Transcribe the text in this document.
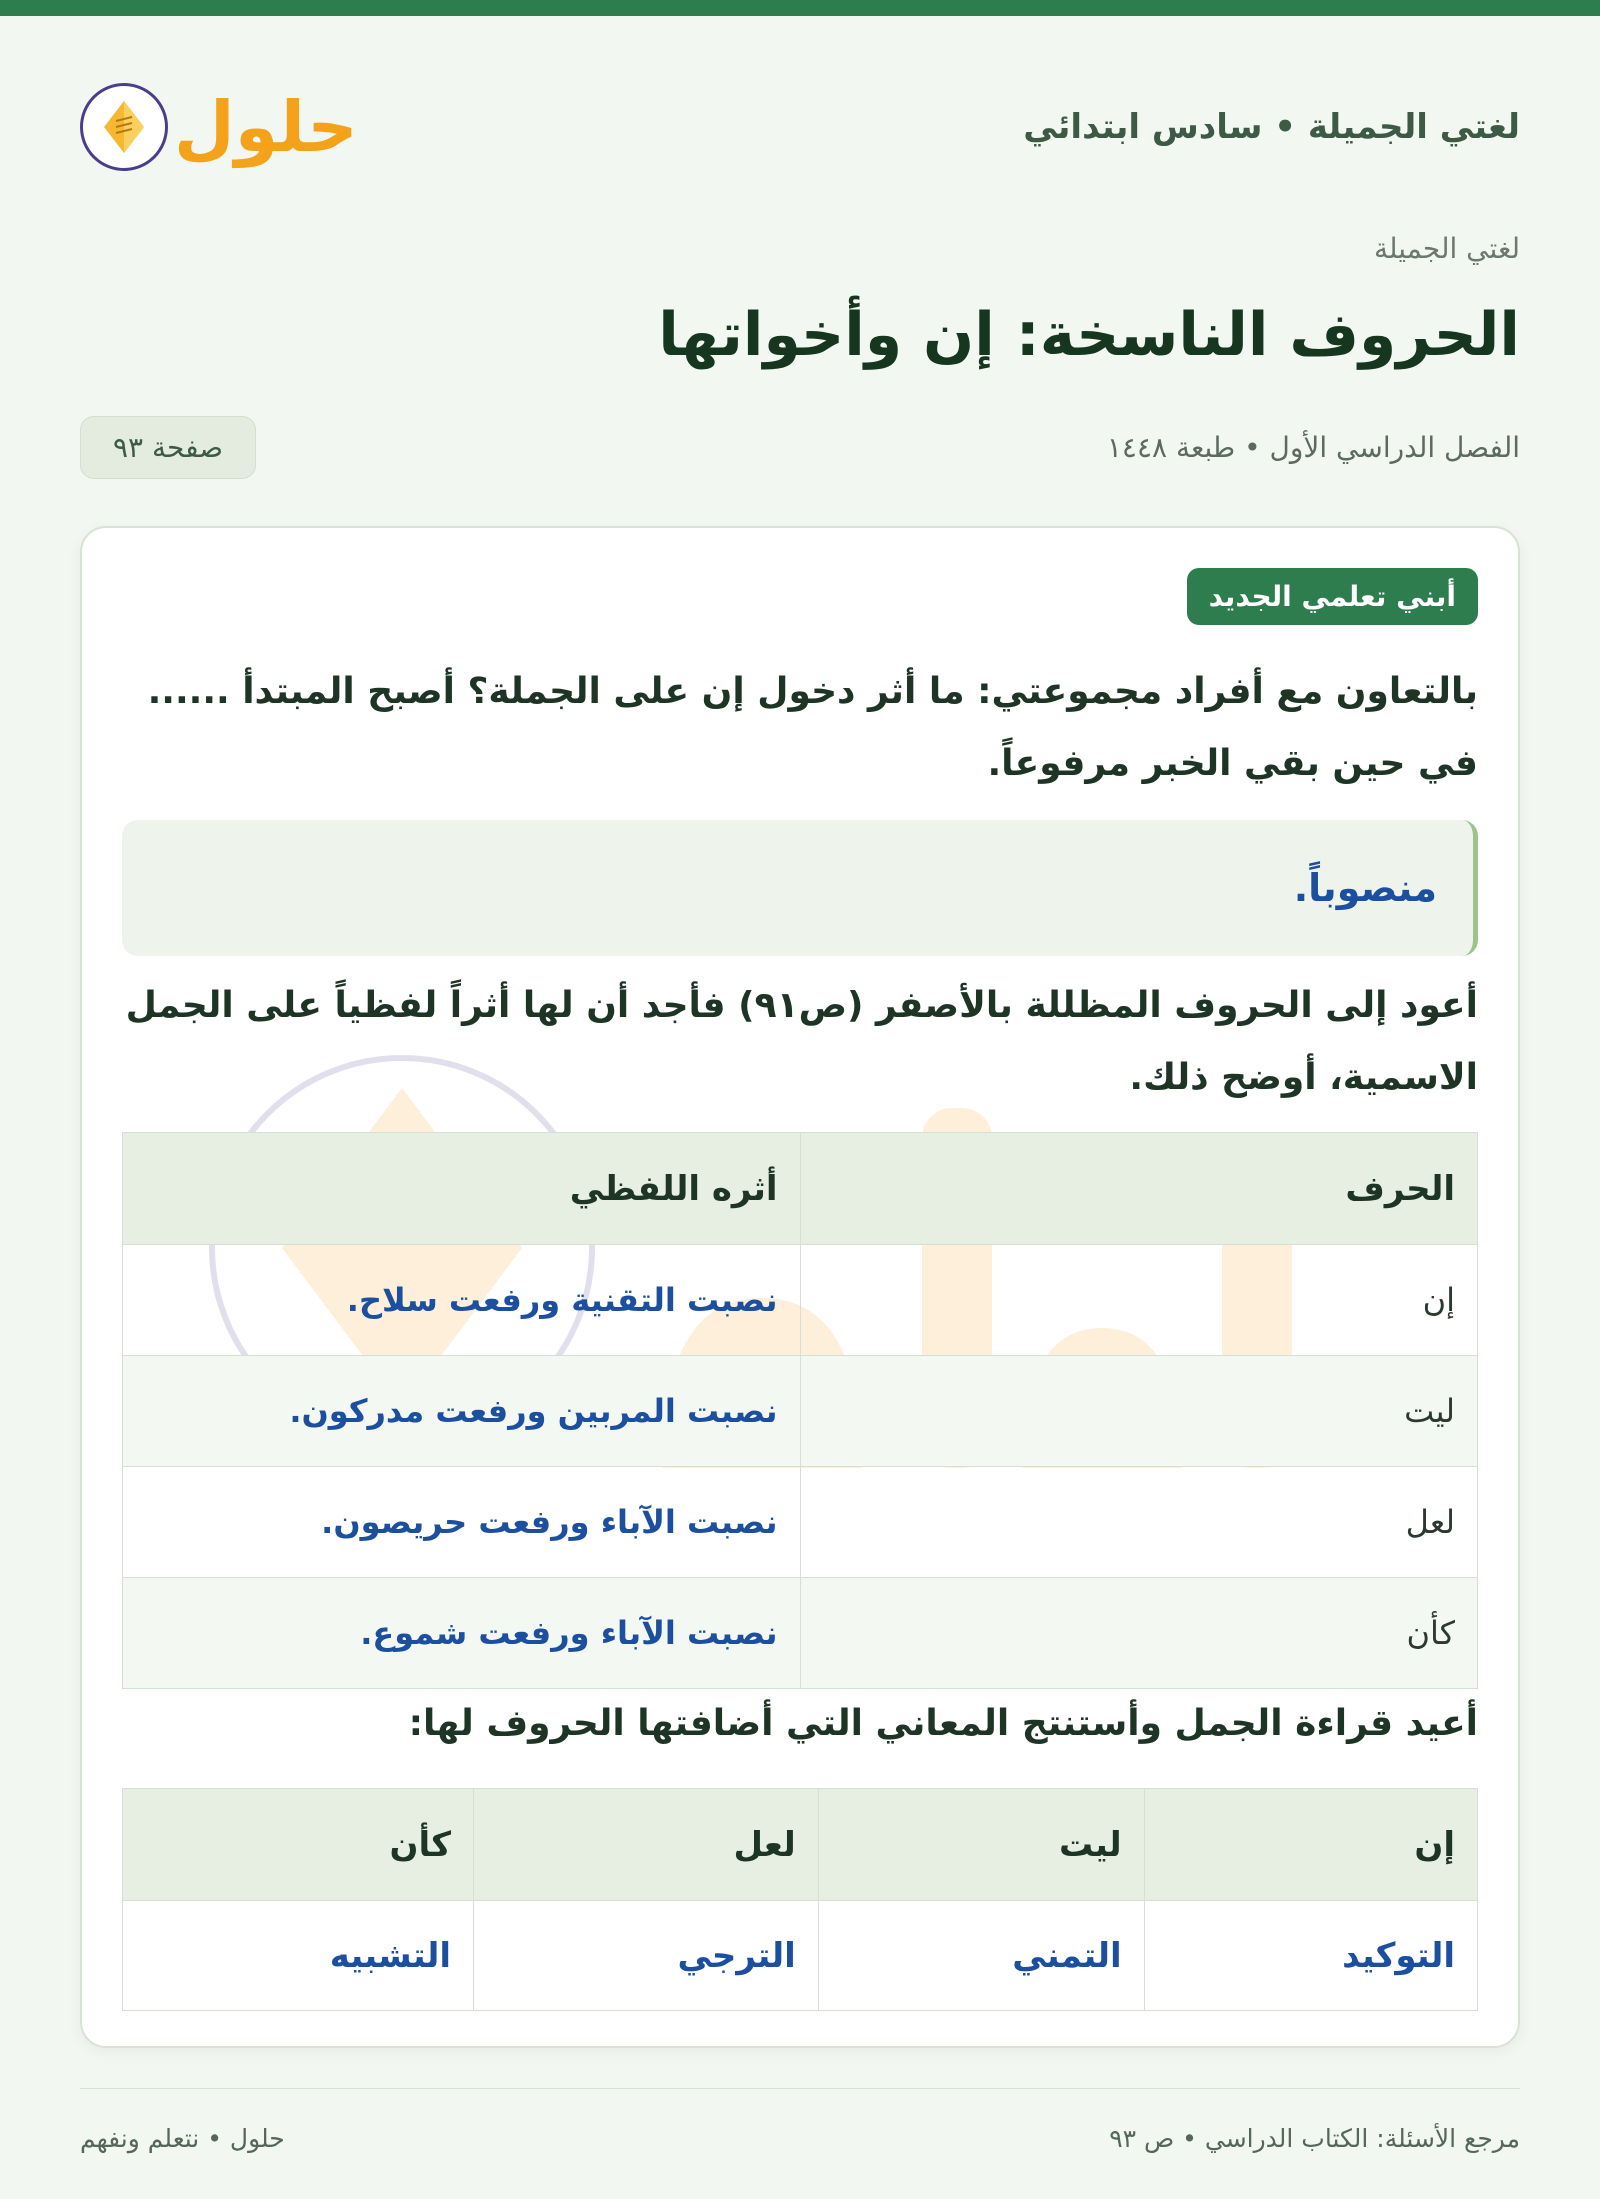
لغتي الجميلة • سادس ابتدائي
حلول
لغتي الجميلة
الحروف الناسخة: إن وأخواتها
الفصل الدراسي الأول • طبعة ١٤٤٨
صفحة ٩٣
أبني تعلمي الجديد
بالتعاون مع أفراد مجموعتي: ما أثر دخول إن على الجملة؟ أصبح المبتدأ ...... في حين بقي الخبر مرفوعاً.
منصوباً.
أعود إلى الحروف المظللة بالأصفر (ص٩١) فأجد أن لها أثراً لفظياً على الجمل الاسمية، أوضح ذلك.
الحرف	أثره اللفظي
إن	نصبت التقنية ورفعت سلاح.
ليت	نصبت المربين ورفعت مدركون.
لعل	نصبت الآباء ورفعت حريصون.
كأن	نصبت الآباء ورفعت شموع.
أعيد قراءة الجمل وأستنتج المعاني التي أضافتها الحروف لها:
إن	ليت	لعل	كأن
التوكيد	التمني	الترجي	التشبيه
مرجع الأسئلة: الكتاب الدراسي • ص ٩٣
حلول • نتعلم ونفهم
